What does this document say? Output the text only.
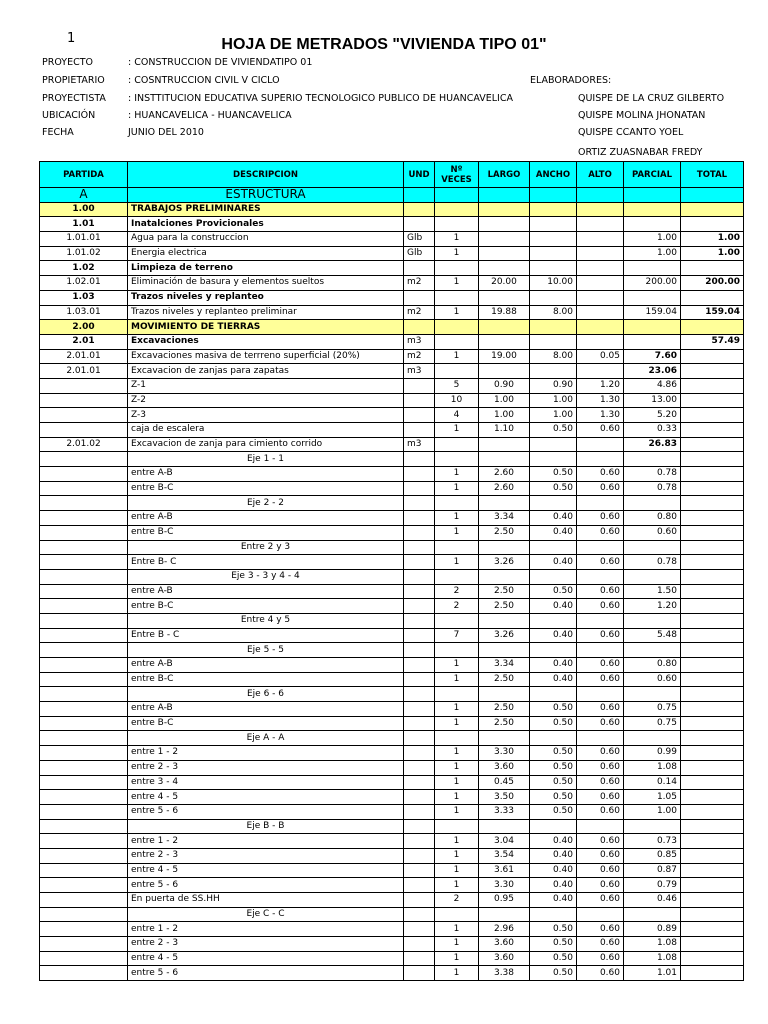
1	HOJA DE METRADOS "VIVIENDA TIPO 01"
PROYECTO	: CONSTRUCCION DE VIVIENDATIPO 01
PROPIETARIO : COSNTRUCCION CIVIL V CICLO	ELABORADORES:
PROYECTISTA : INSTTITUCION EDUCATIVA SUPERIO TECNOLOGICO PUBLICO DE HUANCAVELICA	QUISPE DE LA CRUZ GILBERTO
UBICACIÓN	: HUANCAVELICA - HUANCAVELICA	QUISPE MOLINA JHONATAN
FECHA	JUNIO DEL 2010	QUISPE CCANTO YOEL
ORTIZ ZUASNABAR FREDY
PARTIDA	DESCRIPCION	UND	Nº VECES	LARGO	ANCHO	ALTO	PARCIAL	TOTAL
A	ESTRUCTURA							
1.00	TRABAJOS PRELIMINARES							
1.01	Inatalciones Provicionales							
1.01.01	Agua para la construccion	Glb	1				1.00	1.00
1.01.02	Energia electrica	Glb	1				1.00	1.00
1.02	Limpieza de terreno							
1.02.01	Eliminación de basura y elementos sueltos	m2	1	20.00	10.00		200.00	200.00
1.03	Trazos niveles y replanteo							
1.03.01	Trazos niveles y replanteo preliminar	m2	1	19.88	8.00		159.04	159.04
2.00	MOVIMIENTO DE TIERRAS							
2.01	Excavaciones	m3						57.49
2.01.01	Excavaciones masiva de terrreno superficial (20%)	m2	1	19.00	8.00	0.05	7.60	
2.01.01	Excavacion de zanjas para zapatas	m3					23.06	
	Z-1		5	0.90	0.90	1.20	4.86	
	Z-2		10	1.00	1.00	1.30	13.00	
	Z-3		4	1.00	1.00	1.30	5.20	
	caja de escalera		1	1.10	0.50	0.60	0.33	
2.01.02	Excavacion de zanja para cimiento corrido	m3					26.83	
	Eje 1 - 1							
	entre A-B		1	2.60	0.50	0.60	0.78	
	entre B-C		1	2.60	0.50	0.60	0.78	
	Eje 2 - 2							
	entre A-B		1	3.34	0.40	0.60	0.80	
	entre B-C		1	2.50	0.40	0.60	0.60	
	Entre 2 y 3							
	Entre B- C		1	3.26	0.40	0.60	0.78	
	Eje 3 - 3 y 4 - 4							
	entre A-B		2	2.50	0.50	0.60	1.50	
	entre B-C		2	2.50	0.40	0.60	1.20	
	Entre 4 y 5							
	Entre B - C		7	3.26	0.40	0.60	5.48	
	Eje 5 - 5							
	entre A-B		1	3.34	0.40	0.60	0.80	
	entre B-C		1	2.50	0.40	0.60	0.60	
	Eje 6 - 6							
	entre A-B		1	2.50	0.50	0.60	0.75	
	entre B-C		1	2.50	0.50	0.60	0.75	
	Eje A - A							
	entre 1 - 2		1	3.30	0.50	0.60	0.99	
	entre 2 - 3		1	3.60	0.50	0.60	1.08	
	entre 3 - 4		1	0.45	0.50	0.60	0.14	
	entre 4 - 5		1	3.50	0.50	0.60	1.05	
	entre 5 - 6		1	3.33	0.50	0.60	1.00	
	Eje B - B							
	entre 1 - 2		1	3.04	0.40	0.60	0.73	
	entre 2 - 3		1	3.54	0.40	0.60	0.85	
	entre 4 - 5		1	3.61	0.40	0.60	0.87	
	entre 5 - 6		1	3.30	0.40	0.60	0.79	
	En puerta de SS.HH		2	0.95	0.40	0.60	0.46	
	Eje C - C							
	entre 1 - 2		1	2.96	0.50	0.60	0.89	
	entre 2 - 3		1	3.60	0.50	0.60	1.08	
	entre 4 - 5		1	3.60	0.50	0.60	1.08	
	entre 5 - 6		1	3.38	0.50	0.60	1.01	
